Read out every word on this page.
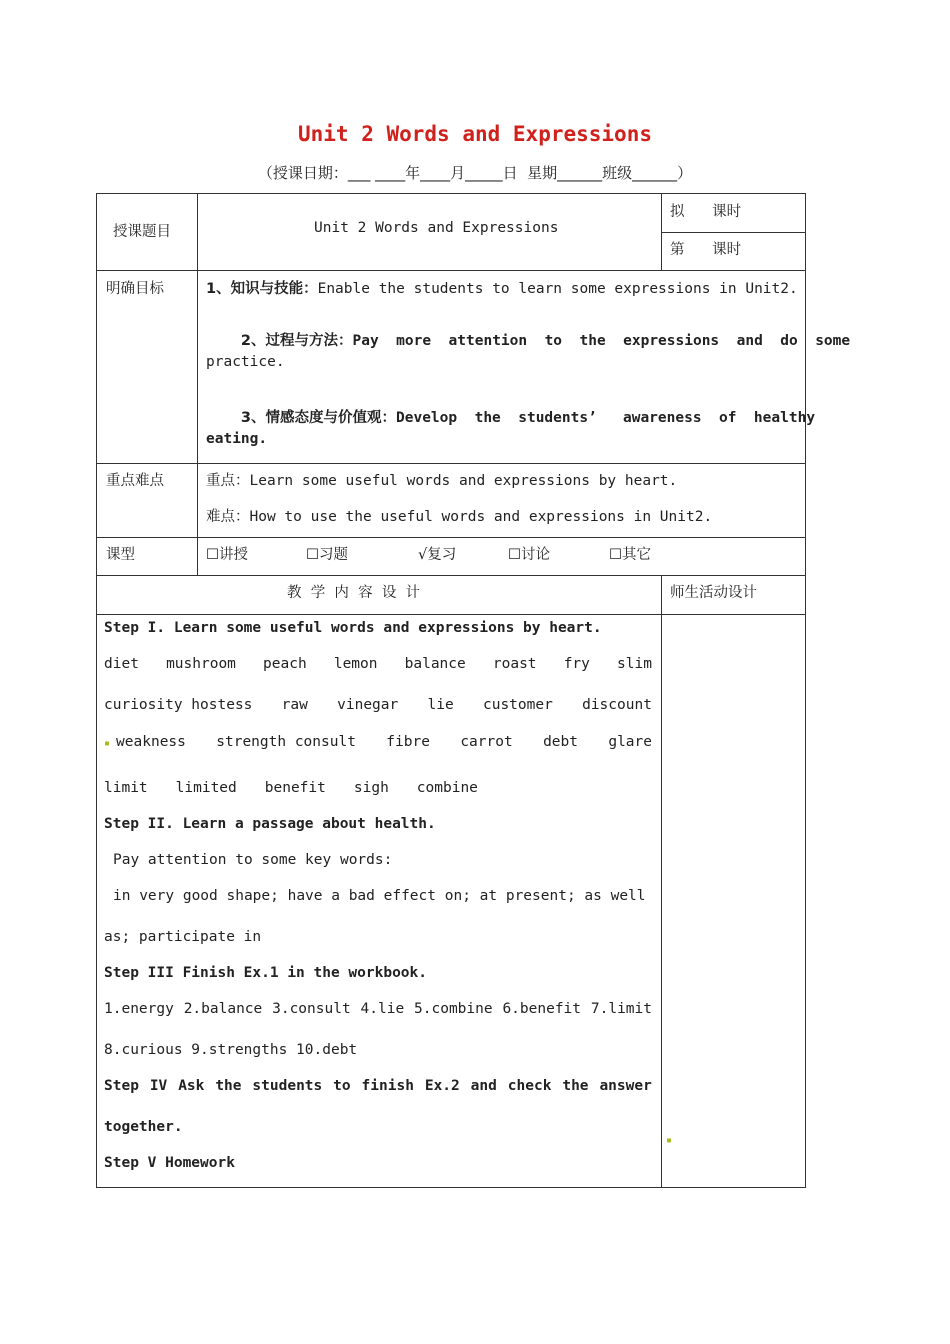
Unit 2 Words and Expressions
（授课日期：___ ____年____月_____日  星期______班级______）
授课题目	Unit 2 Words and Expressions
拟      课时
第      课时
明确目标	1、知识与技能：Enable the students to learn some expressions in Unit2.

2、过程与方法：Pay  more  attention  to  the  expressions  and  do  some

practice.

3、情感态度与价值观：Develop  the  students’   awareness  of  healthy

eating.
重点难点	重点：Learn some useful words and expressions by heart.
难点：How to use the useful words and expressions in Unit2.
课型	☐讲授	☐习题	√复习	☐讨论	☐其它
教  学  内  容  设  计	师生活动设计
▪
Step I. Learn some useful words and expressions by heart.
diet mushroom peach lemon balance roast fry slim
curiosity hostess raw vinegar lie customer discount
▪ weakness strength consult fibre carrot debt glare
limit limited benefit sigh combine
Step II. Learn a passage about health.
Pay attention to some key words:
in very good shape; have a bad effect on; at present; as well
as; participate in
Step III Finish Ex.1 in the workbook.
1.energy 2.balance 3.consult 4.lie 5.combine 6.benefit 7.limit
8.curious 9.strengths 10.debt
Step IV Ask the students to finish Ex.2 and check the answer
together.
Step V Homework
